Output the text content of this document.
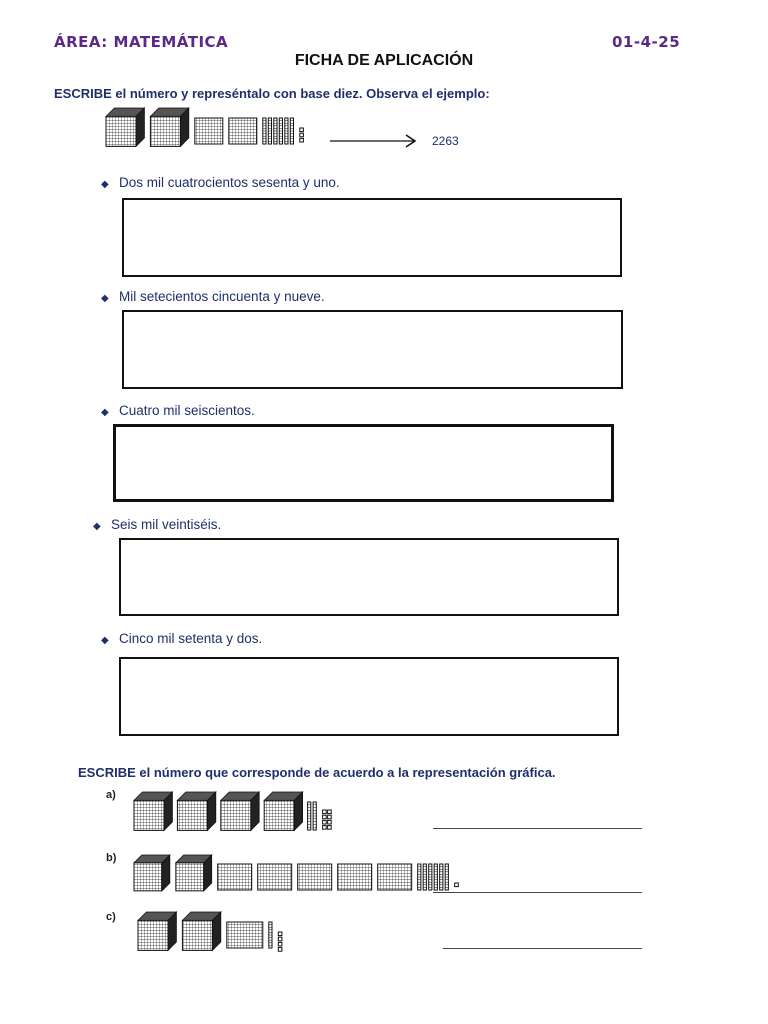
ÁREA: MATEMÁTICA	01-4-25
FICHA DE APLICACIÓN
ESCRIBE el número y represéntalo con base diez. Observa el ejemplo:
2263
◆ Dos mil cuatrocientos sesenta y uno.
◆ Mil setecientos cincuenta y nueve.
◆ Cuatro mil seiscientos.
◆ Seis mil veintiséis.
◆ Cinco mil setenta y dos.
ESCRIBE el número que corresponde de acuerdo a la representación gráfica.
a)
b)
c)
